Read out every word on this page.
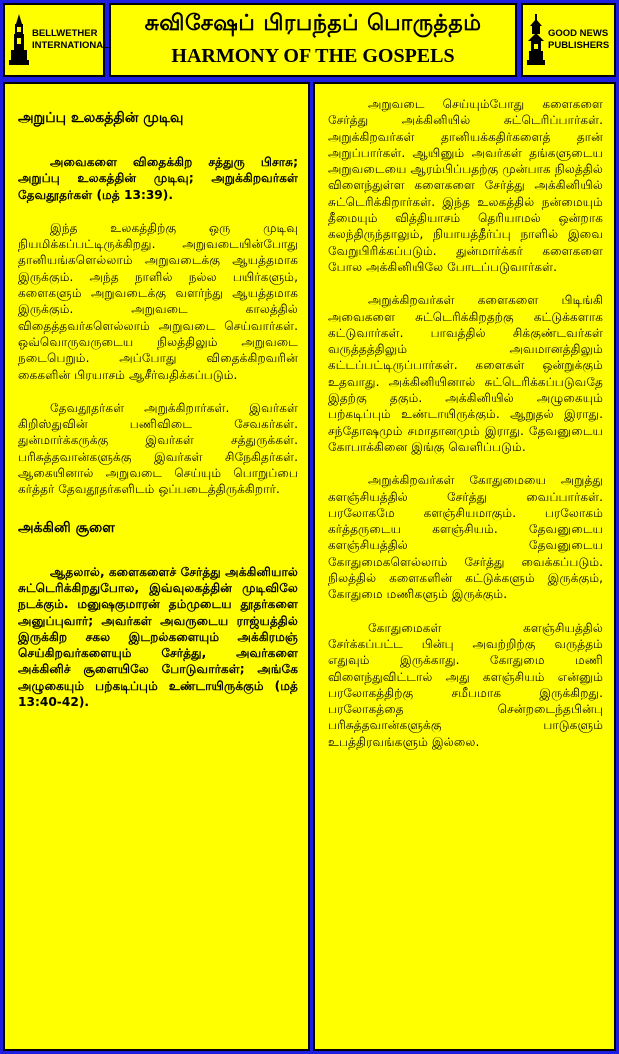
BELLWETHER
INTERNATIONAL
சுவிசேஷப் பிரபந்தப் பொருத்தம்
HARMONY OF THE GOSPELS
GOOD NEWS
PUBLISHERS
அறுப்பு உலகத்தின் முடிவு

அவைகளை விதைக்கிற சத்துரு பிசாசு; அறுப்பு உலகத்தின் முடிவு; அறுக்கிறவர்கள் தேவதூதர்கள் (மத் 13:39).

இந்த உலகத்திற்கு ஒரு முடிவு நியமிக்கப்பட்டிருக்கிறது. அறுவடையின்போது தானியங்களெல்லாம் அறுவடைக்கு ஆயத்தமாக இருக்கும். அந்த நாளில் நல்ல பயிர்களும், களைகளும் அறுவடைக்கு வளர்ந்து ஆயத்தமாக இருக்கும். அறுவடை காலத்தில் விதைத்தவர்களெல்லாம் அறுவடை செய்வார்கள். ஒவ்வொருவருடைய நிலத்திலும் அறுவடை நடைபெறும். அப்போது விதைக்கிறவரின் கைகளின் பிரயாசம் ஆசீர்வதிக்கப்படும்.

தேவதூதர்கள் அறுக்கிறார்கள். இவர்கள் கிறிஸ்துவின் பணிவிடை சேவகர்கள். துன்மார்க்கருக்கு இவர்கள் சத்துருக்கள். பரிசுத்தவான்களுக்கு இவர்கள் சிநேகிதர்கள். ஆகையினால் அறுவடை செய்யும் பொறுப்பை கர்த்தர் தேவதூதர்களிடம் ஒப்படைத்திருக்கிறார்.

அக்கினி சூளை

ஆதலால், களைகளைச் சேர்த்து அக்கினியால் சுட்டெரிக்கிறதுபோல, இவ்வுலகத்தின் முடிவிலே நடக்கும். மனுஷகுமாரன் தம்முடைய தூதர்களை அனுப்புவார்; அவர்கள் அவருடைய ராஜ்யத்தில் இருக்கிற சகல இடறல்களையும் அக்கிரமஞ் செய்கிறவர்களையும் சேர்த்து, அவர்களை அக்கினிச் சூளையிலே போடுவார்கள்; அங்கே அழுகையும் பற்கடிப்பும் உண்டாயிருக்கும் (மத் 13:40-42).

அறுவடை செய்யும்போது களைகளை சேர்த்து அக்கினியில் சுட்டெரிப்பார்கள். அறுக்கிறவர்கள் தானியக்கதிர்களைத் தான் அறுப்பார்கள். ஆயினும் அவர்கள் தங்களுடைய அறுவடையை ஆரம்பிப்பதற்கு முன்பாக நிலத்தில் விளைந்துள்ள களைகளை சேர்த்து அக்கினியில் சுட்டெரிக்கிறார்கள். இந்த உலகத்தில் நன்மையும் தீமையும் வித்தியாசம் தெரியாமல் ஒன்றாக கலந்திருந்தாலும், நியாயத்தீர்ப்பு நாளில் இவை வேறுபிரிக்கப்படும். துன்மார்க்கர் களைகளை போல அக்கினியிலே போடப்படுவார்கள்.

அறுக்கிறவர்கள் களைகளை பிடிங்கி அவைகளை சுட்டெரிக்கிறதற்கு கட்டுக்களாக கட்டுவார்கள். பாவத்தில் சிக்குண்டவர்கள் வருத்தத்திலும் அவமானத்திலும் கட்டப்பட்டிருப்பார்கள். களைகள் ஒன்றுக்கும் உதவாது. அக்கினியினால் சுட்டெரிக்கப்படுவதே இதற்கு தகும். அக்கினியில் அழுகையும் பற்கடிப்பும் உண்டாயிருக்கும். ஆறுதல் இராது. சந்தோஷமும் சமாதானமும் இராது. தேவனுடைய கோபாக்கினை இங்கு வெளிப்படும்.

அறுக்கிறவர்கள் கோதுமையை அறுத்து களஞ்சியத்தில் சேர்த்து வைப்பார்கள். பரலோகமே களஞ்சியமாகும். பரலோகம் கர்த்தருடைய களஞ்சியம். தேவனுடைய களஞ்சியத்தில் தேவனுடைய கோதுமைகளெல்லாம் சேர்த்து வைக்கப்படும். நிலத்தில் களைகளின் கட்டுக்களும் இருக்கும், கோதுமை மணிகளும் இருக்கும்.

கோதுமைகள் களஞ்சியத்தில் சேர்க்கப்பட்ட பின்பு அவற்றிற்கு வருத்தம் எதுவும் இருக்காது. கோதுமை மணி விளைந்துவிட்டால் அது களஞ்சியம் என்னும் பரலோகத்திற்கு சமீபமாக இருக்கிறது. பரலோகத்தை சென்றடைந்தபின்பு பரிசுத்தவான்களுக்கு பாடுகளும் உபத்திரவங்களும் இல்லை.
